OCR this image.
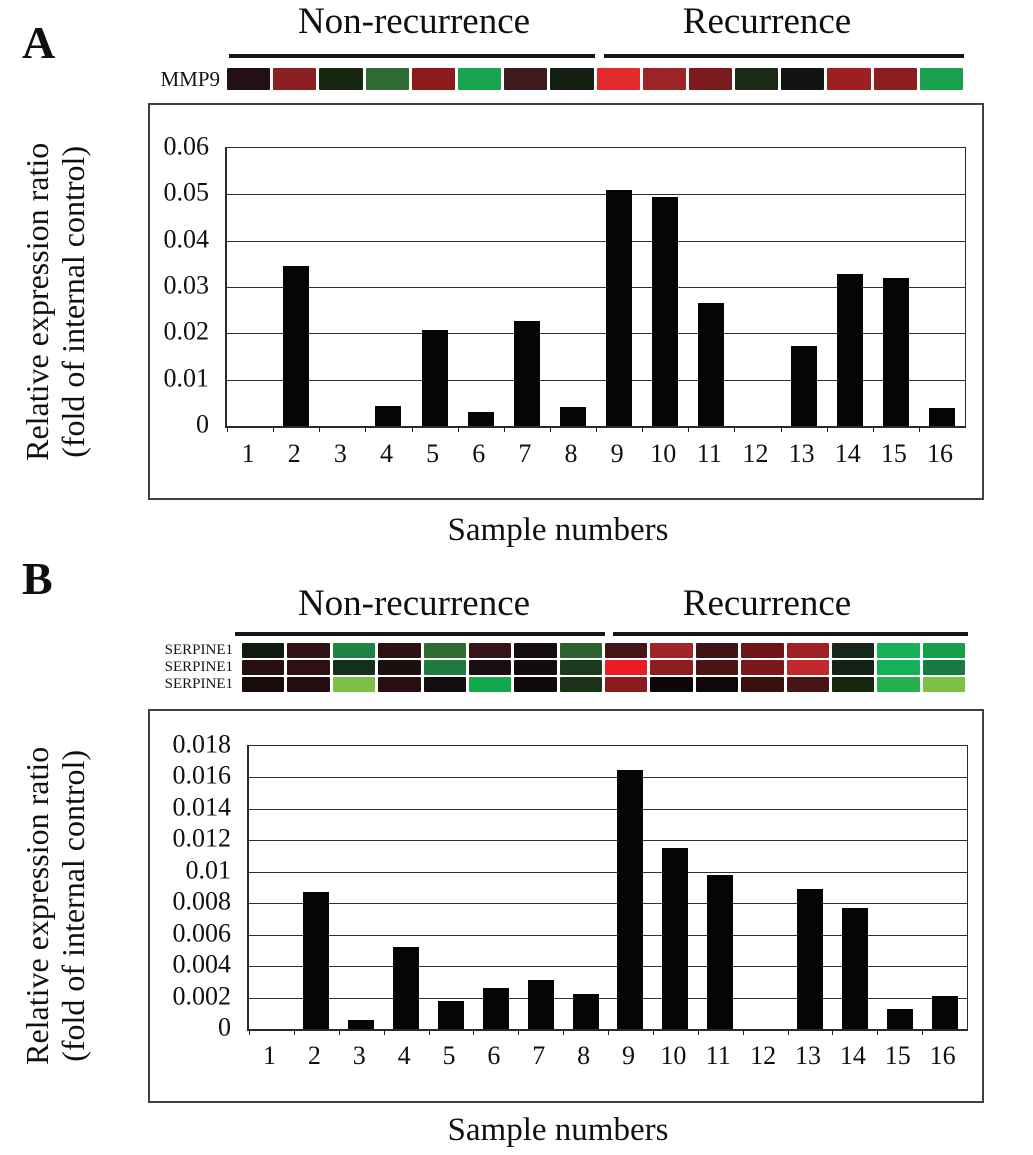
A	Non-recurrence	Recurrence
MMP9
Relative expression ratio (fold of internal control)	0.06
0.05
0.04
0.03
0.02
0.01
0
1 2 3 4 5 6 7 8 9 10 11 12 13 14 15 16
Sample numbers
B	Non-recurrence	Recurrence
SERPINE1
SERPINE1
SERPINE1
Relative expression ratio (fold of internal control)
0.018
0.016
0.014
0.012
0.01
0.008
0.006
0.004
0.002
0
1 2 3 4 5 6 7 8 9 10 11 12 13 14 15 16
Sample numbers
